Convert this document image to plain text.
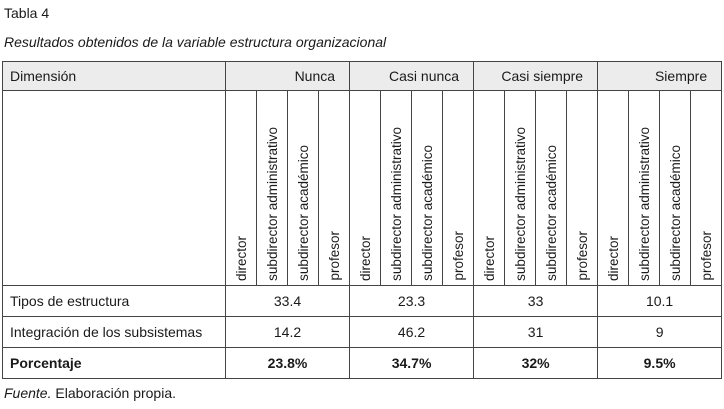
Tabla 4
Resultados obtenidos de la variable estructura organizacional
Dimensión	Nunca				Casi nunca				Casi siempre				Siempre			

	director	subdirector administrativo	subdirector académico	profesor	director	subdirector administrativo	subdirector académico	profesor	director	subdirector administrativo	subdirector académico	profesor	director	subdirector administrativo	subdirector académico	profesor

Tipos de estructura	33.4				23.3				33				10.1			
Integración de los subsistemas	14.2				46.2				31				9			
Porcentaje	23.8%				34.7%				32%				9.5%			
Fuente. Elaboración propia.
